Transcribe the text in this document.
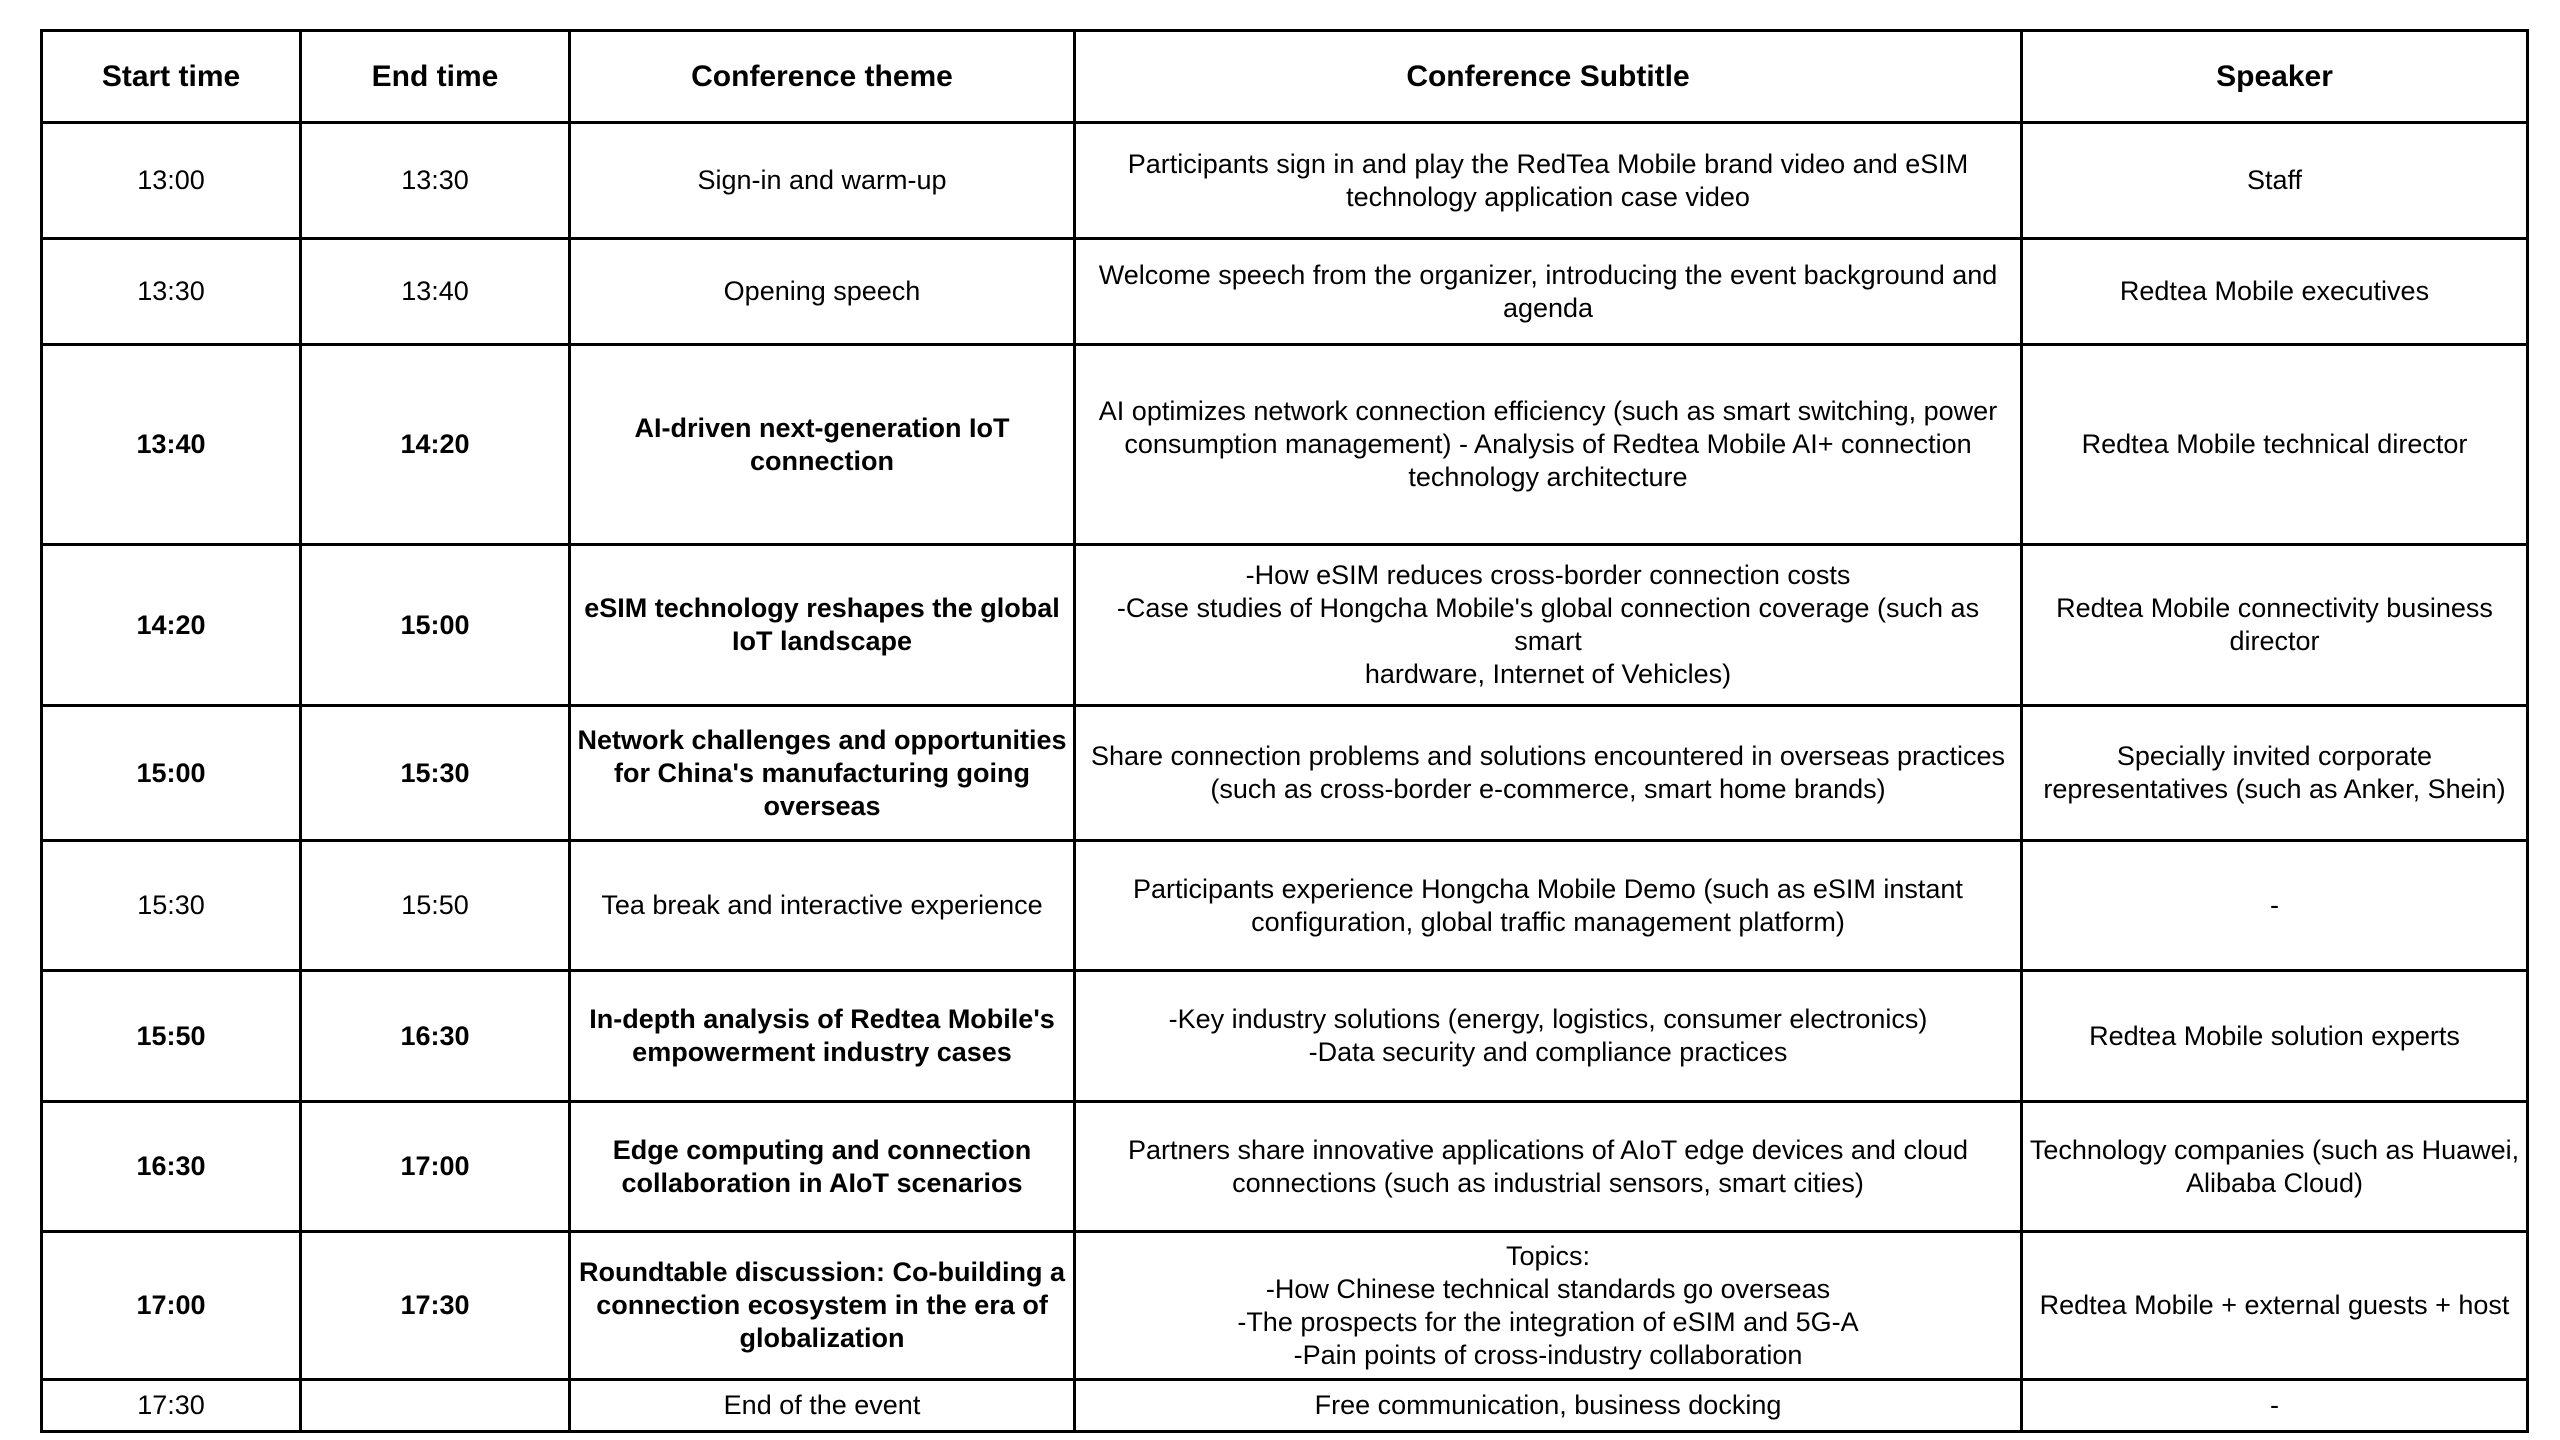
Start time	End time	Conference theme	Conference Subtitle	Speaker
13:00	13:30	Sign-in and warm-up	Participants sign in and play the RedTea Mobile brand video and eSIM
technology application case video	Staff
13:30	13:40	Opening speech	Welcome speech from the organizer, introducing the event background and
agenda	Redtea Mobile executives
13:40	14:20	AI-driven next-generation IoT connection	AI optimizes network connection efficiency (such as smart switching, power
consumption management) - Analysis of Redtea Mobile AI+ connection
technology architecture	Redtea Mobile technical director
14:20	15:00	eSIM technology reshapes the global IoT landscape	-How eSIM reduces cross-border connection costs
-Case studies of Hongcha Mobile's global connection coverage (such as smart
hardware, Internet of Vehicles)	Redtea Mobile connectivity business director
15:00	15:30	Network challenges and opportunities for China's manufacturing going overseas	Share connection problems and solutions encountered in overseas practices
(such as cross-border e-commerce, smart home brands)	Specially invited corporate representatives (such as Anker, Shein)
15:30	15:50	Tea break and interactive experience	Participants experience Hongcha Mobile Demo (such as eSIM instant
configuration, global traffic management platform)	-
15:50	16:30	In-depth analysis of Redtea Mobile's empowerment industry cases	-Key industry solutions (energy, logistics, consumer electronics)
-Data security and compliance practices	Redtea Mobile solution experts
16:30	17:00	Edge computing and connection collaboration in AIoT scenarios	Partners share innovative applications of AIoT edge devices and cloud
connections (such as industrial sensors, smart cities)	Technology companies (such as Huawei, Alibaba Cloud)
17:00	17:30	Roundtable discussion: Co-building a connection ecosystem in the era of globalization	Topics:
-How Chinese technical standards go overseas
-The prospects for the integration of eSIM and 5G-A
-Pain points of cross-industry collaboration	Redtea Mobile + external guests + host
17:30		End of the event	Free communication, business docking	-
